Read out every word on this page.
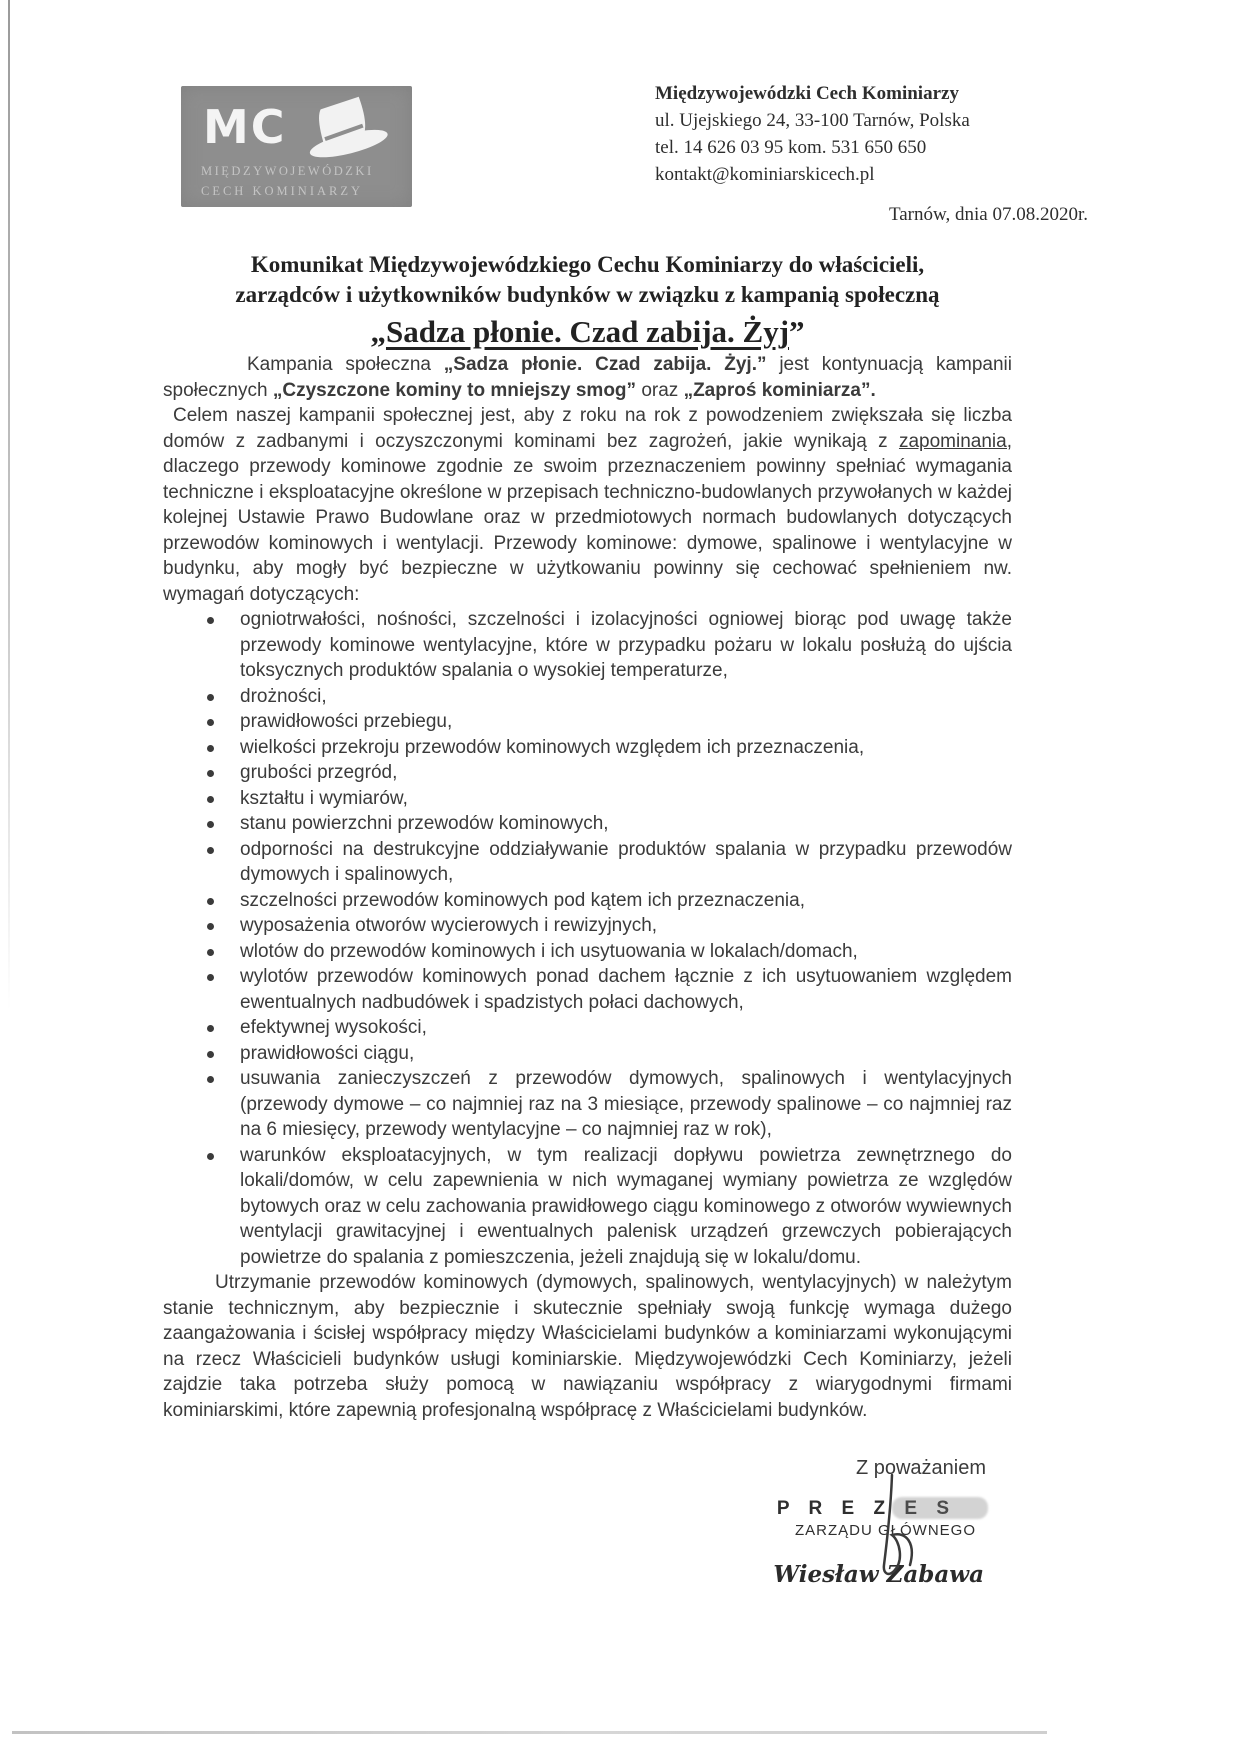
MC
MIĘDZYWOJEWÓDZKI
CECH KOMINIARZY
Międzywojewódzki Cech Kominiarzy
ul. Ujejskiego 24, 33-100 Tarnów, Polska
tel. 14 626 03 95 kom. 531 650 650
kontakt@kominiarskicech.pl
Tarnów, dnia 07.08.2020r.
Komunikat Międzywojewódzkiego Cechu Kominiarzy do właścicieli,
zarządców i użytkowników budynków w związku z kampanią społeczną
„Sadza płonie. Czad zabija. Żyj”

Kampania społeczna „Sadza płonie. Czad zabija. Żyj.” jest kontynuacją kampanii społecznych „Czyszczone kominy to mniejszy smog” oraz „Zaproś kominiarza”.

Celem naszej kampanii społecznej jest, aby z roku na rok z powodzeniem zwiększała się liczba domów z zadbanymi i oczyszczonymi kominami bez zagrożeń, jakie wynikają z zapominania, dlaczego przewody kominowe zgodnie ze swoim przeznaczeniem powinny spełniać wymagania techniczne i eksploatacyjne określone w przepisach techniczno-budowlanych przywołanych w każdej kolejnej Ustawie Prawo Budowlane oraz w przedmiotowych normach budowlanych dotyczących przewodów kominowych i wentylacji. Przewody kominowe: dymowe, spalinowe i wentylacyjne w budynku, aby mogły być bezpieczne w użytkowaniu powinny się cechować spełnieniem nw. wymagań dotyczących:

ogniotrwałości, nośności, szczelności i izolacyjności ogniowej biorąc pod uwagę także przewody kominowe wentylacyjne, które w przypadku pożaru w lokalu posłużą do ujścia toksycznych produktów spalania o wysokiej temperaturze,
drożności,
prawidłowości przebiegu,
wielkości przekroju przewodów kominowych względem ich przeznaczenia,
grubości przegród,
kształtu i wymiarów,
stanu powierzchni przewodów kominowych,
odporności na destrukcyjne oddziaływanie produktów spalania w przypadku przewodów dymowych i spalinowych,
szczelności przewodów kominowych pod kątem ich przeznaczenia,
wyposażenia otworów wycierowych i rewizyjnych,
wlotów do przewodów kominowych i ich usytuowania w lokalach/domach,
wylotów przewodów kominowych ponad dachem łącznie z ich usytuowaniem względem ewentualnych nadbudówek i spadzistych połaci dachowych,
efektywnej wysokości,
prawidłowości ciągu,
usuwania zanieczyszczeń z przewodów dymowych, spalinowych i wentylacyjnych (przewody dymowe – co najmniej raz na 3 miesiące, przewody spalinowe – co najmniej raz na 6 miesięcy, przewody wentylacyjne – co najmniej raz w rok),
warunków eksploatacyjnych, w tym realizacji dopływu powietrza zewnętrznego do lokali/domów, w celu zapewnienia w nich wymaganej wymiany powietrza ze względów bytowych oraz w celu zachowania prawidłowego ciągu kominowego z otworów wywiewnych wentylacji grawitacyjnej i ewentualnych palenisk urządzeń grzewczych pobierających powietrze do spalania z pomieszczenia, jeżeli znajdują się w lokalu/domu.

Utrzymanie przewodów kominowych (dymowych, spalinowych, wentylacyjnych) w należytym stanie technicznym, aby bezpiecznie i skutecznie spełniały swoją funkcję wymaga dużego zaangażowania i ścisłej współpracy między Właścicielami budynków a kominiarzami wykonującymi na rzecz Właścicieli budynków usługi kominiarskie. Międzywojewódzki Cech Kominiarzy, jeżeli zajdzie taka potrzeba służy pomocą w nawiązaniu współpracy z wiarygodnymi firmami kominiarskimi, które zapewnią profesjonalną współpracę z Właścicielami budynków.

Z poważaniem
P R E Z E S
ZARZĄDU GŁÓWNEGO
Wiesław Zabawa
